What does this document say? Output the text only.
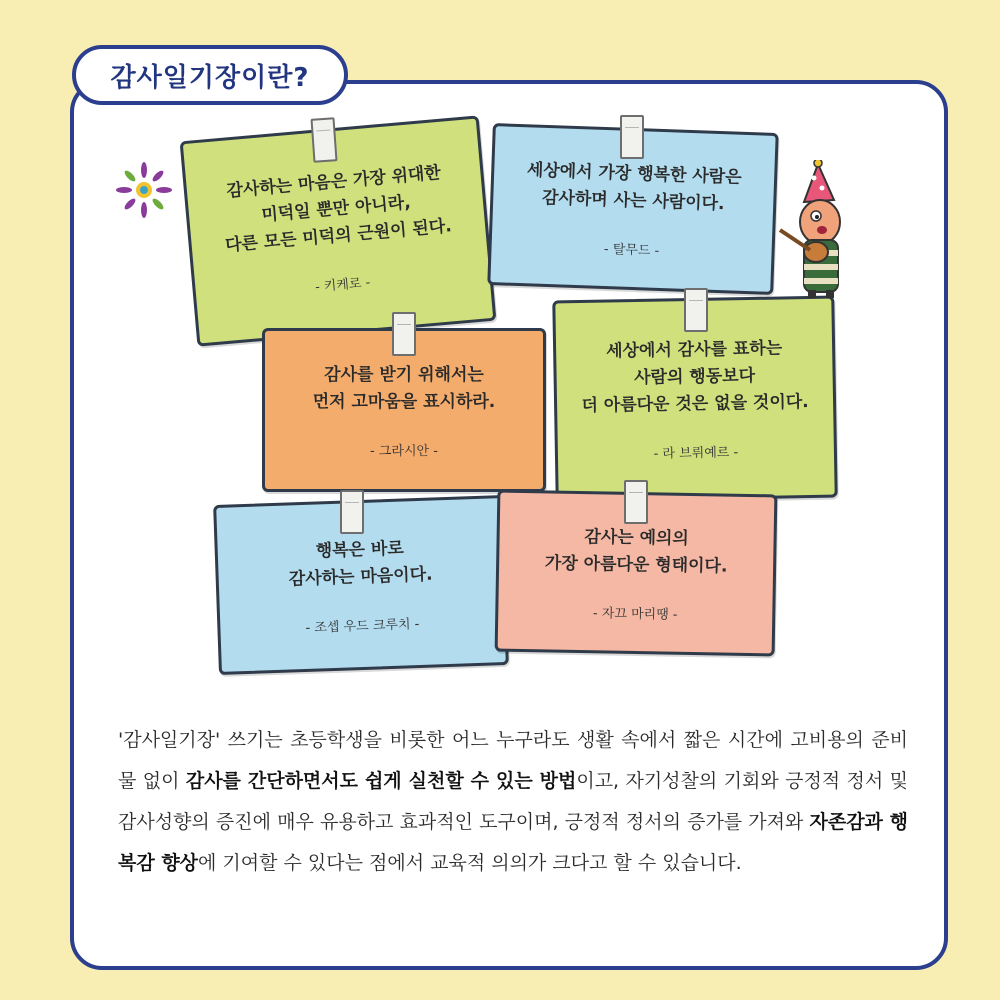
감사일기장이란?
감사하는 마음은 가장 위대한
미덕일 뿐만 아니라,
다른 모든 미덕의 근원이 된다.
- 키케로 -
세상에서 가장 행복한 사람은
감사하며 사는 사람이다.
- 탈무드 -
감사를 받기 위해서는
먼저 고마움을 표시하라.
- 그라시안 -
세상에서 감사를 표하는
사람의 행동보다
더 아름다운 것은 없을 것이다.
- 라 브뤼예르 -
행복은 바로
감사하는 마음이다.
- 조셉 우드 크루치 -
감사는 예의의
가장 아름다운 형태이다.
- 자끄 마리땡 -

'감사일기장' 쓰기는 초등학생을 비롯한 어느 누구라도 생활 속에서 짧은 시간에 고비용의 준비물 없이 감사를 간단하면서도 쉽게 실천할 수 있는 방법이고, 자기성찰의 기회와 긍정적 정서 및 감사성향의 증진에 매우 유용하고 효과적인 도구이며, 긍정적 정서의 증가를 가져와 자존감과 행복감 향상에 기여할 수 있다는 점에서 교육적 의의가 크다고 할 수 있습니다.
